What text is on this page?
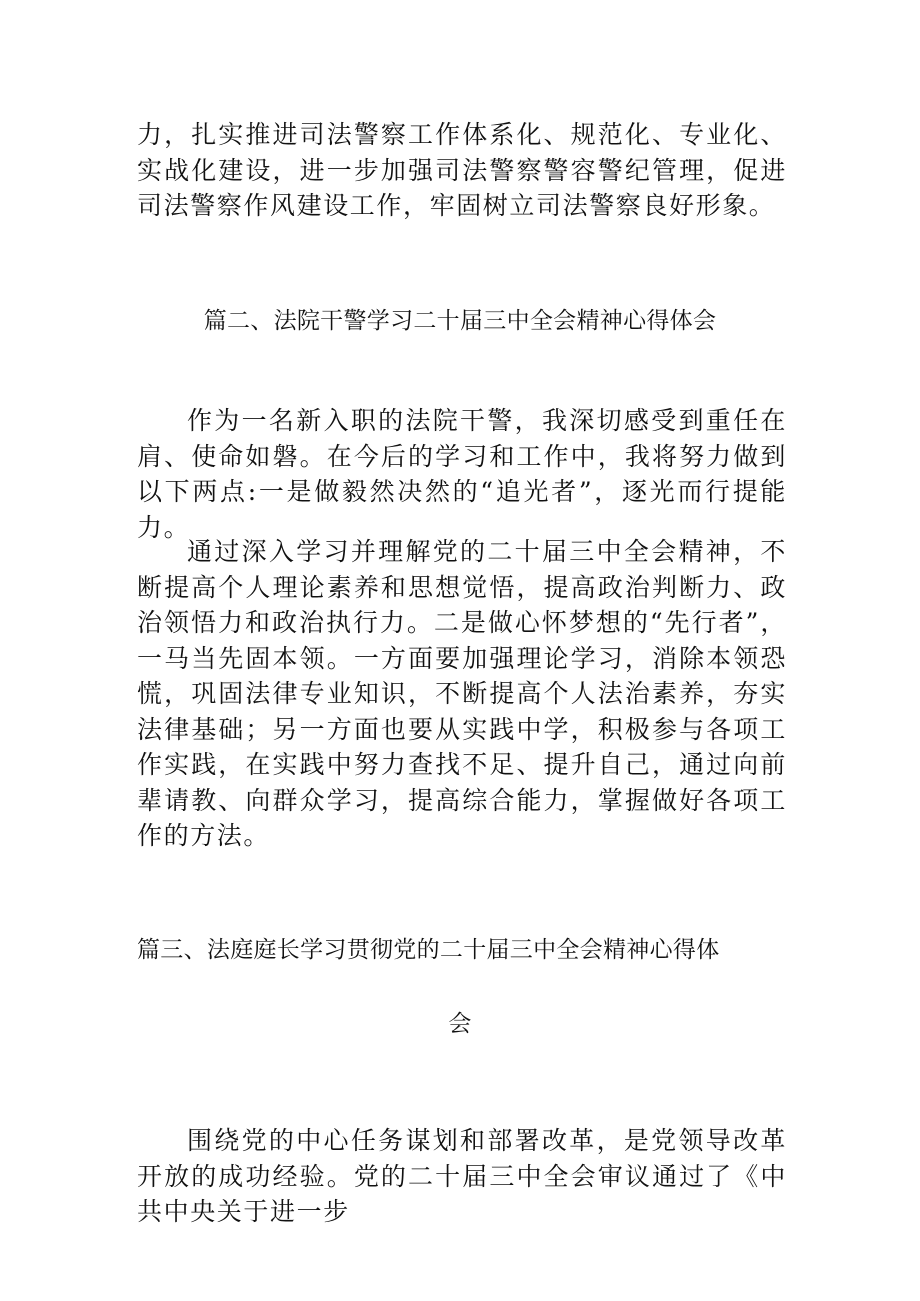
力，扎实推进司法警察工作体系化、规范化、专业化、实战化建设，进一步加强司法警察警容警纪管理，促进司法警察作风建设工作，牢固树立司法警察良好形象。

篇二、法院干警学习二十届三中全会精神心得体会

作为一名新入职的法院干警，我深切感受到重任在肩、使命如磐。在今后的学习和工作中，我将努力做到以下两点:一是做毅然决然的“追光者”，逐光而行提能力。

通过深入学习并理解党的二十届三中全会精神，不断提高个人理论素养和思想觉悟，提高政治判断力、政治领悟力和政治执行力。二是做心怀梦想的“先行者”，一马当先固本领。一方面要加强理论学习，消除本领恐慌，巩固法律专业知识，不断提高个人法治素养，夯实法律基础；另一方面也要从实践中学，积极参与各项工作实践，在实践中努力查找不足、提升自己，通过向前辈请教、向群众学习，提高综合能力，掌握做好各项工作的方法。

篇三、法庭庭长学习贯彻党的二十届三中全会精神心得体
会

围绕党的中心任务谋划和部署改革，是党领导改革开放的成功经验。党的二十届三中全会审议通过了《中共中央关于进一步
